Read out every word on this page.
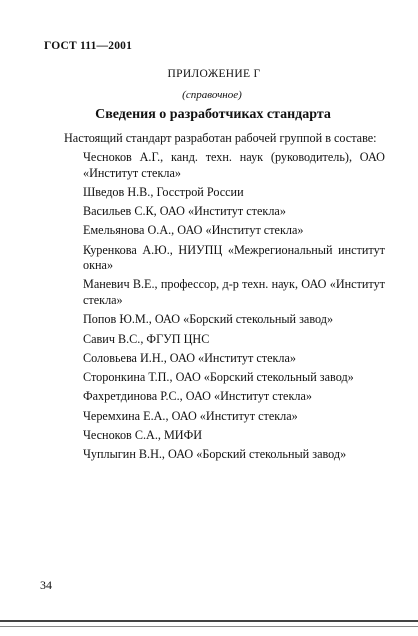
ГОСТ 111—2001
ПРИЛОЖЕНИЕ Г
(справочное)
Сведения о разработчиках стандарта
Настоящий стандарт разработан рабочей группой в составе:
Чесноков А.Г., канд. техн. наук (руководитель), ОАО «Институт стекла»
Шведов Н.В., Госстрой России
Васильев С.К, ОАО «Институт стекла»
Емельянова О.А., ОАО «Институт стекла»
Куренкова А.Ю., НИУПЦ «Межрегиональный институт окна»
Маневич В.Е., профессор, д-р техн. наук, ОАО «Институт стекла»
Попов Ю.М., ОАО «Борский стекольный завод»
Савич В.С., ФГУП ЦНС
Соловьева И.Н., ОАО «Институт стекла»
Сторонкина Т.П., ОАО «Борский стекольный завод»
Фахретдинова Р.С., ОАО «Институт стекла»
Черемхина Е.А., ОАО «Институт стекла»
Чесноков С.А., МИФИ
Чуплыгин В.Н., ОАО «Борский стекольный завод»
34
